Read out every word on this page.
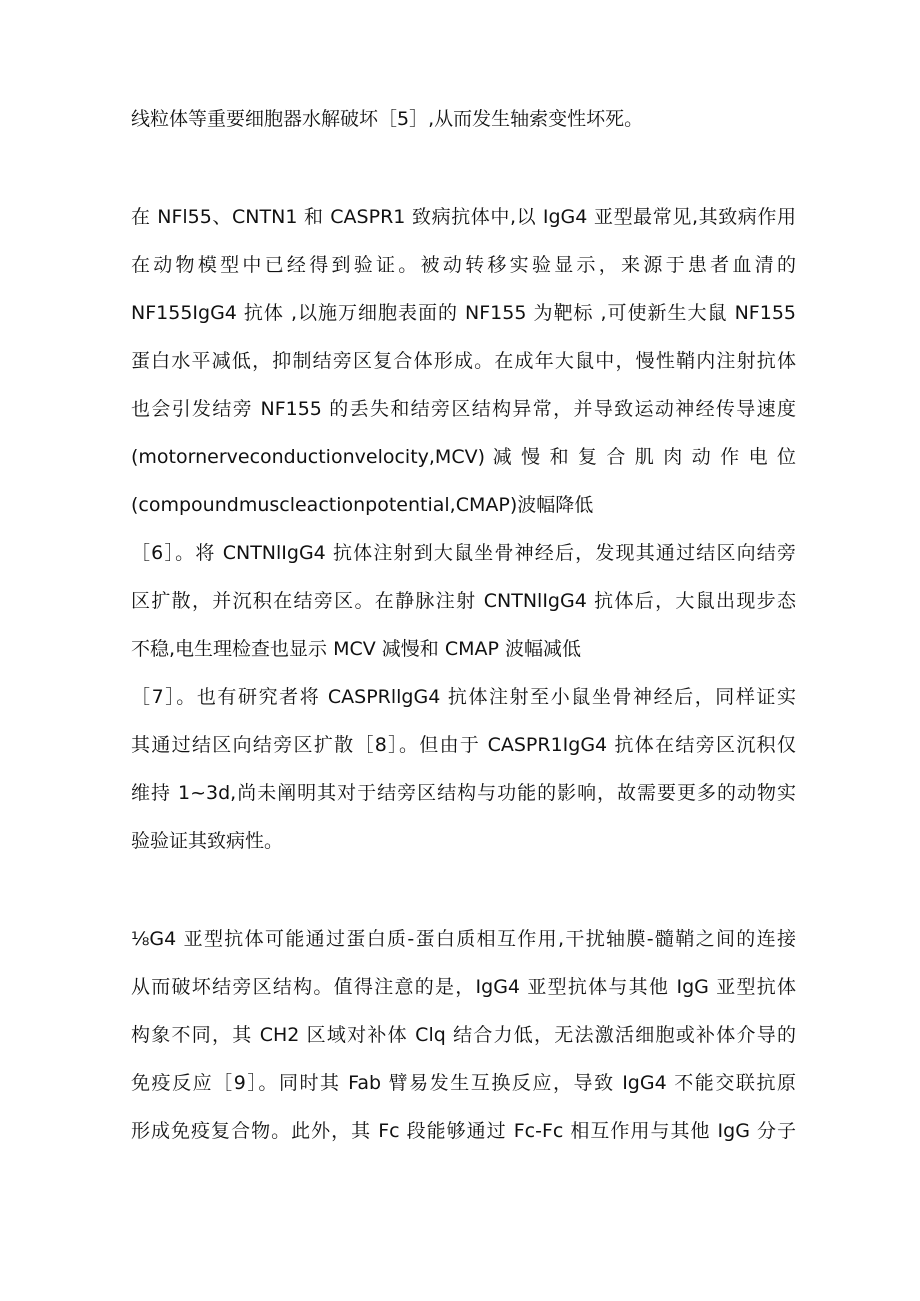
线粒体等重要细胞器水解破坏［5］,从而发生轴索变性坏死。
在 NFl55、CNTN1 和 CASPR1 致病抗体中,以 IgG4 亚型最常见,其致病作用
在动物模型中已经得到验证。被动转移实验显示，来源于患者血清的
NF155IgG4 抗体 ,以施万细胞表面的 NF155 为靶标 ,可使新生大鼠 NF155
蛋白水平减低，抑制结旁区复合体形成。在成年大鼠中，慢性鞘内注射抗体
也会引发结旁 NF155 的丢失和结旁区结构异常，并导致运动神经传导速度
(motornerveconductionvelocity,MCV) 减 慢 和 复 合 肌 肉 动 作 电 位
(compoundmuscleactionpotential,CMAP)波幅降低
［6］。将 CNTNlIgG4 抗体注射到大鼠坐骨神经后，发现其通过结区向结旁
区扩散，并沉积在结旁区。在静脉注射 CNTNlIgG4 抗体后，大鼠出现步态
不稳,电生理检查也显示 MCV 减慢和 CMAP 波幅减低
［7］。也有研究者将 CASPRllgG4 抗体注射至小鼠坐骨神经后，同样证实
其通过结区向结旁区扩散［8］。但由于 CASPR1IgG4 抗体在结旁区沉积仅
维持 1~3d,尚未阐明其对于结旁区结构与功能的影响，故需要更多的动物实
验验证其致病性。
⅛G4 亚型抗体可能通过蛋白质-蛋白质相互作用,干扰轴膜-髓鞘之间的连接
从而破坏结旁区结构。值得注意的是，IgG4 亚型抗体与其他 IgG 亚型抗体
构象不同，其 CH2 区域对补体 Clq 结合力低，无法激活细胞或补体介导的
免疫反应［9］。同时其 Fab 臂易发生互换反应，导致 IgG4 不能交联抗原
形成免疫复合物。此外，其 Fc 段能够通过 Fc-Fc 相互作用与其他 IgG 分子
